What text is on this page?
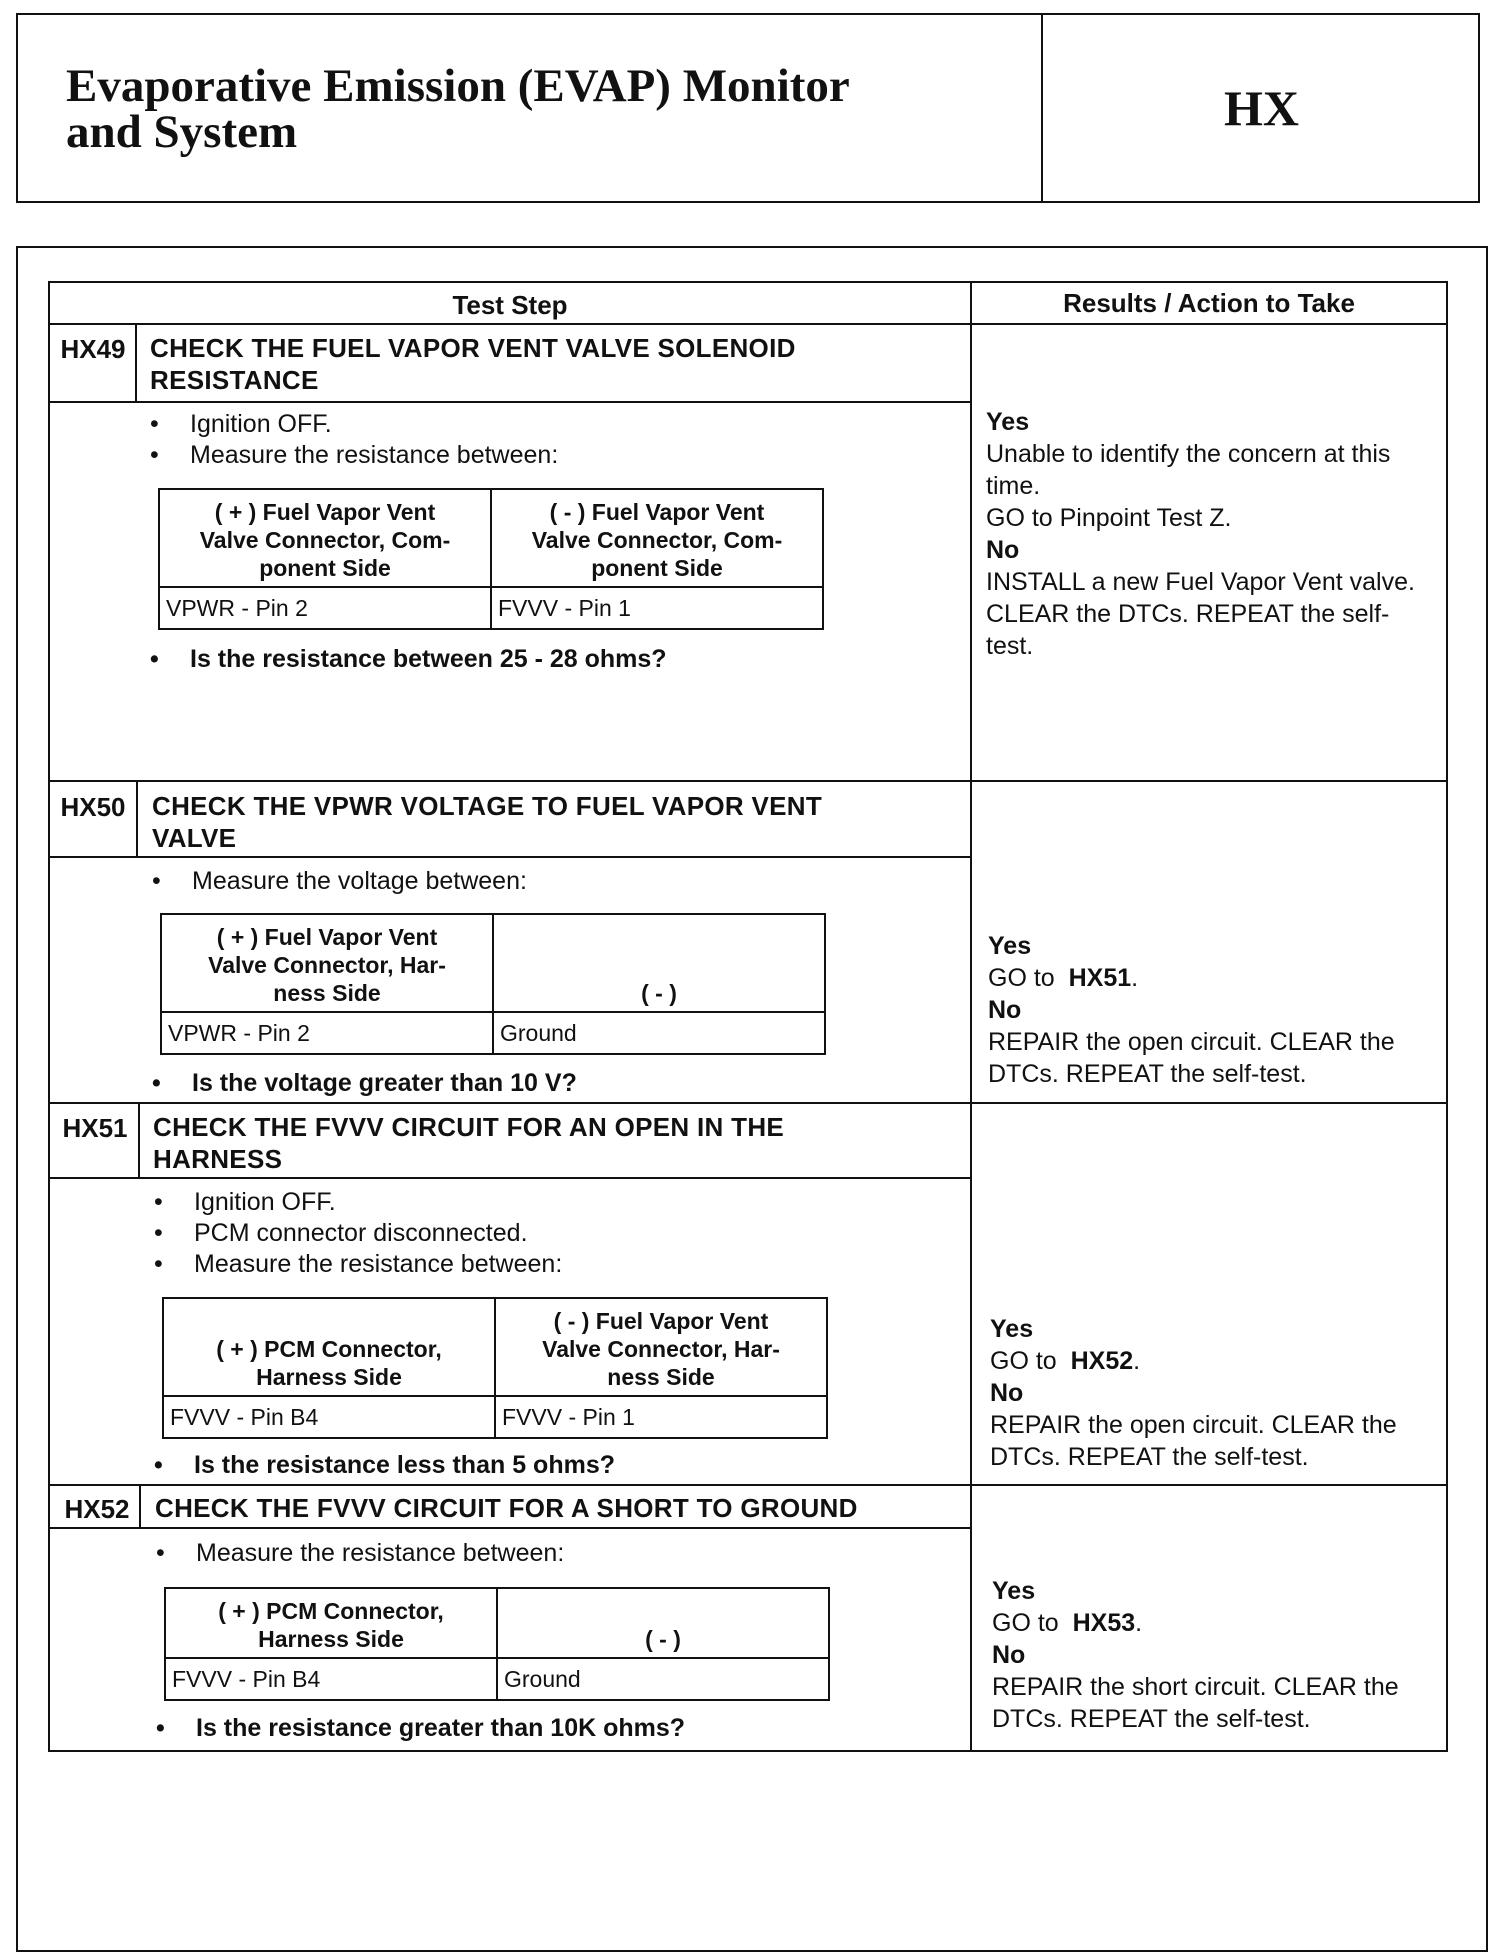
Evaporative Emission (EVAP) Monitor
and System	HX
Test Step	Results / Action to Take
HX49 CHECK THE FUEL VAPOR VENT VALVE SOLENOID
RESISTANCE
• Ignition OFF.
• Measure the resistance between:
( + ) Fuel Vapor Vent
Valve Connector, Com-
ponent Side	( - ) Fuel Vapor Vent
Valve Connector, Com-
ponent Side
VPWR - Pin 2	FVVV - Pin 1
• Is the resistance between 25 - 28 ohms?
Yes
Unable to identify the concern at this time.
GO to Pinpoint Test Z.
No
INSTALL a new Fuel Vapor Vent valve.
CLEAR the DTCs. REPEAT the self-test.
HX50	CHECK THE VPWR VOLTAGE TO FUEL VAPOR VENT
VALVE
• Measure the voltage between:
( + ) Fuel Vapor Vent
Valve Connector, Har-
ness Side	( - )
VPWR - Pin 2	Ground
• Is the voltage greater than 10 V?
Yes
GO to HX51.
No
REPAIR the open circuit. CLEAR the DTCs. REPEAT the self-test.
HX51 CHECK THE FVVV CIRCUIT FOR AN OPEN IN THE
HARNESS
• Ignition OFF.
• PCM connector disconnected.
• Measure the resistance between:
( + ) PCM Connector,
Harness Side	( - ) Fuel Vapor Vent
Valve Connector, Har-
ness Side
FVVV - Pin B4	FVVV - Pin 1
• Is the resistance less than 5 ohms?
Yes
GO to HX52.
No
REPAIR the open circuit. CLEAR the DTCs. REPEAT the self-test.
HX52 CHECK THE FVVV CIRCUIT FOR A SHORT TO GROUND
• Measure the resistance between:
( + ) PCM Connector,
Harness Side	( - )
FVVV - Pin B4	Ground
• Is the resistance greater than 10K ohms?
Yes
GO to HX53.
No
REPAIR the short circuit. CLEAR the DTCs. REPEAT the self-test.
